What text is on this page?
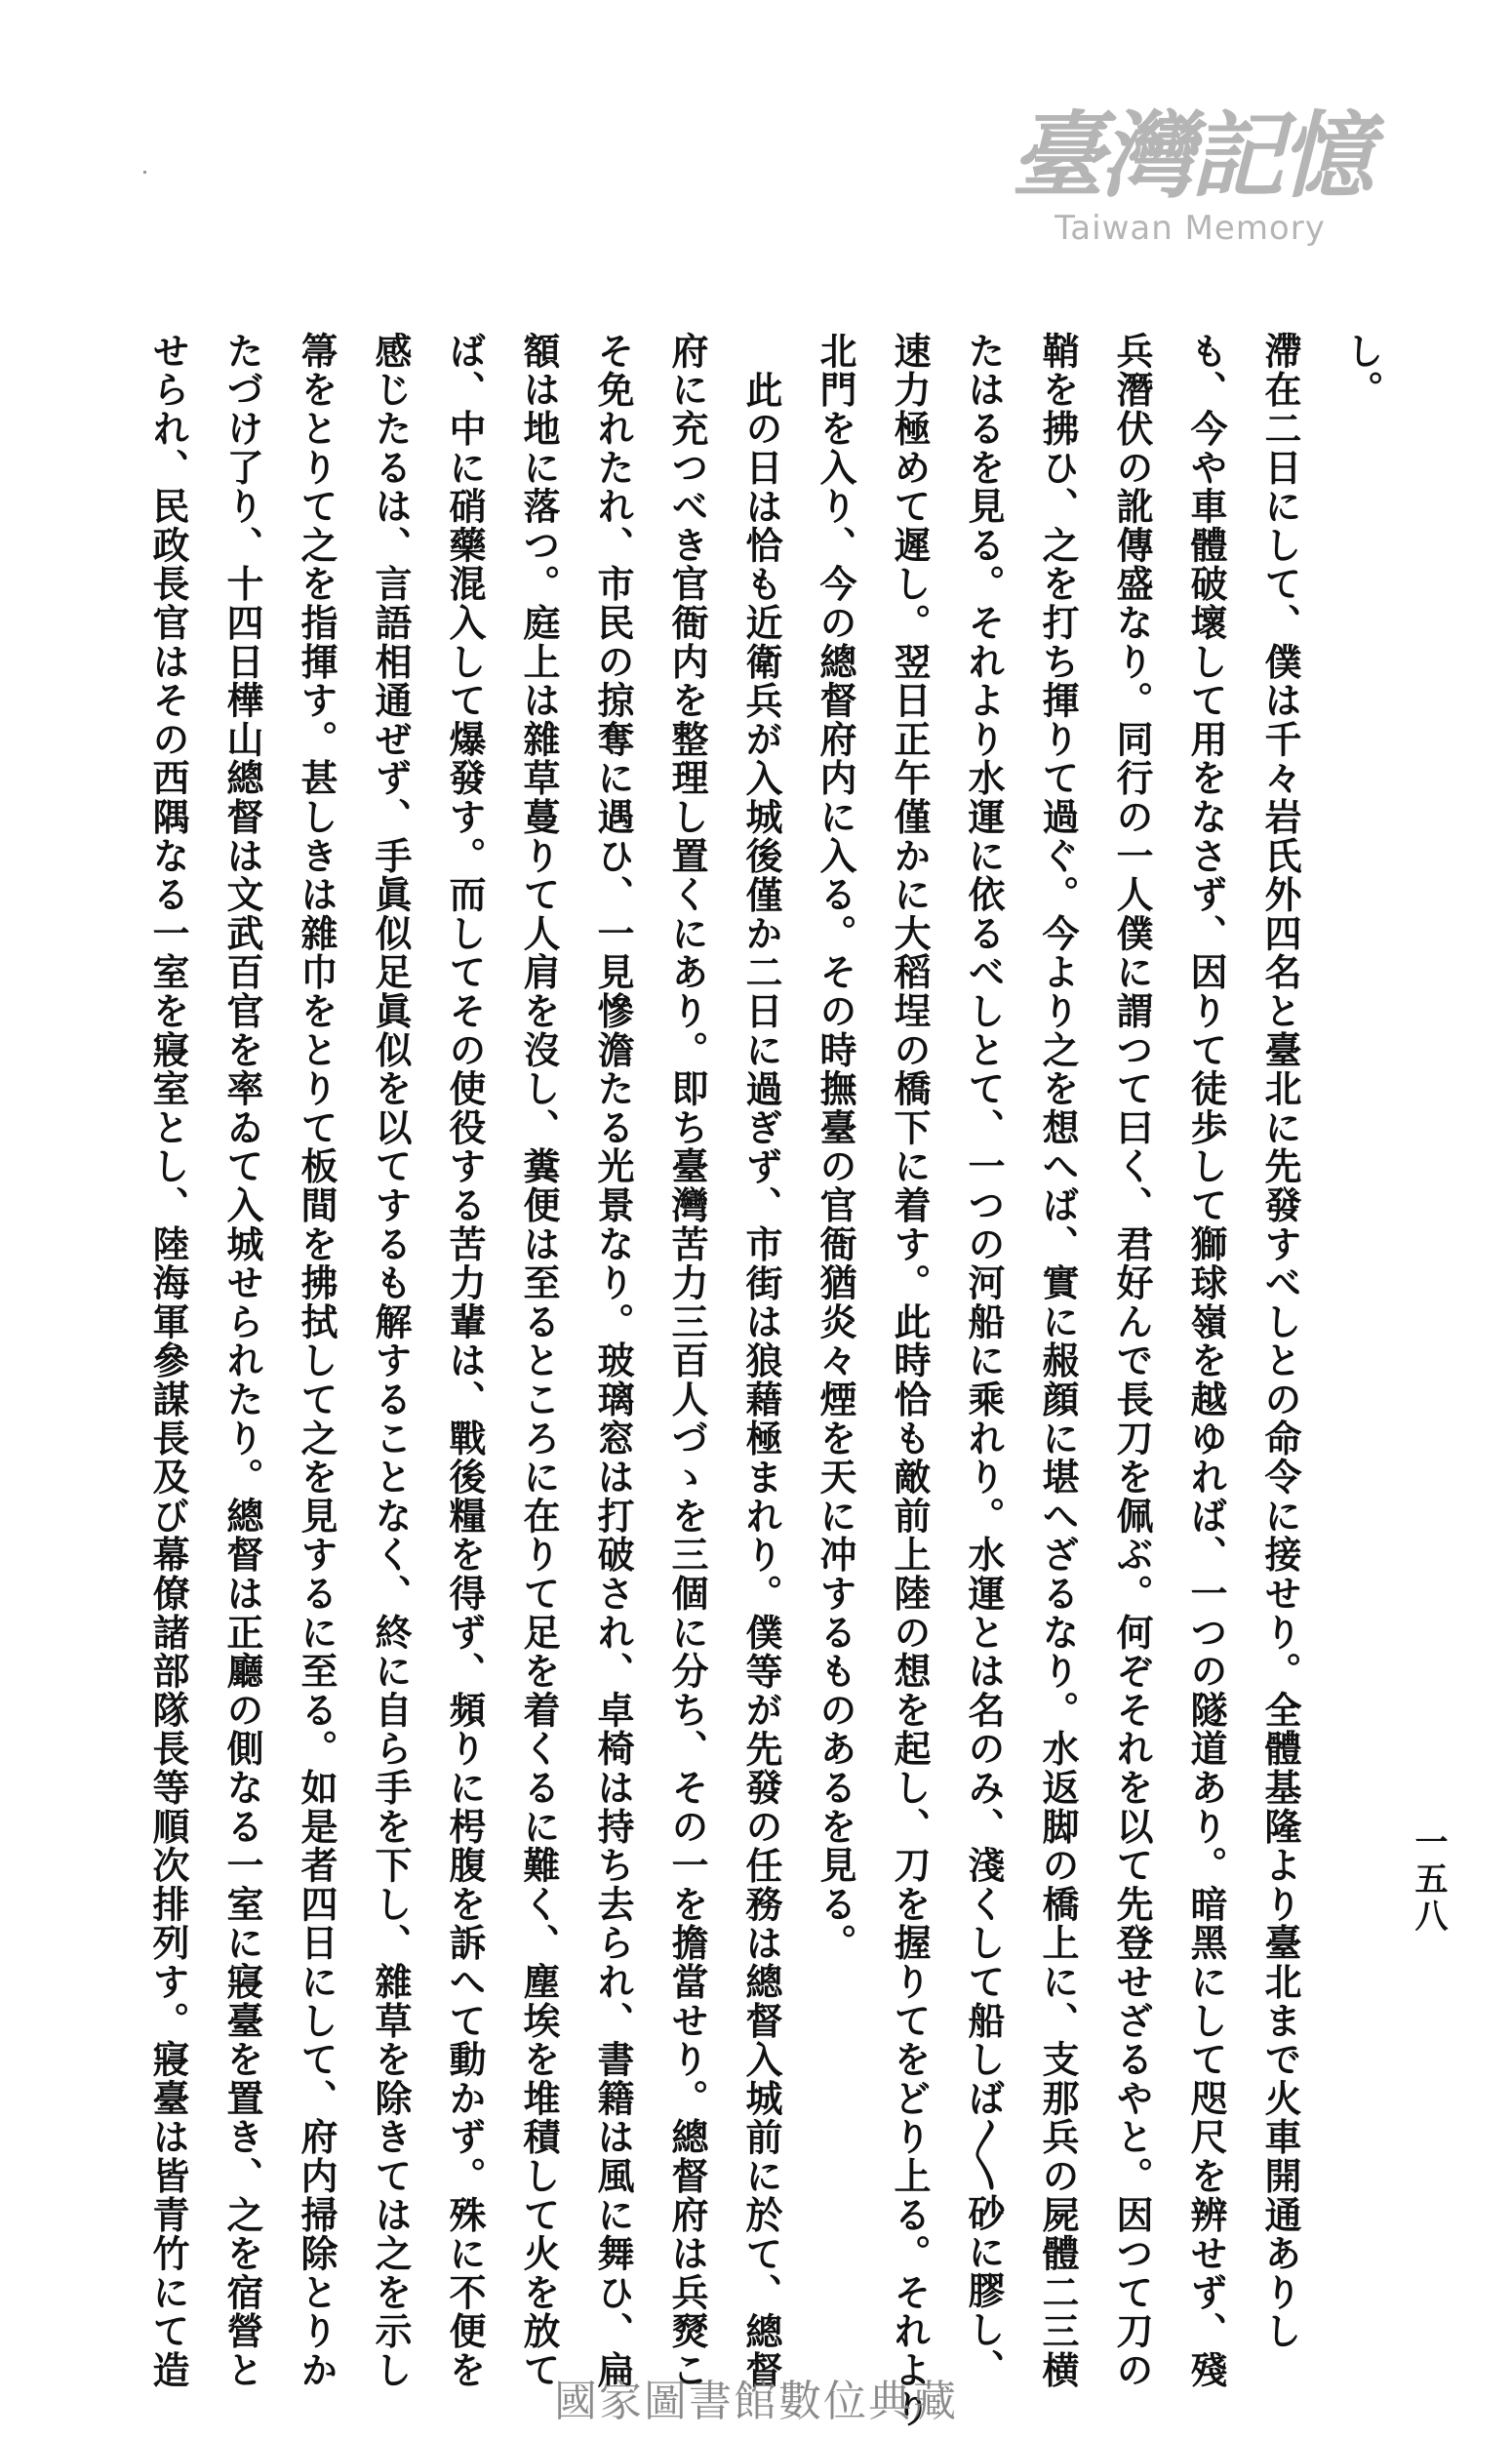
一五八
し。
滯在二日にして、僕は千々岩氏外四名と臺北に先發すべしとの命令に接せり。全體基隆より臺北まで火車開通ありし
も、今や車體破壞して用をなさず、因りて徒歩して獅球嶺を越ゆれば、一つの隧道あり。暗黑にして咫尺を辨せず、殘
兵潛伏の訛傳盛なり。同行の一人僕に謂つて曰く、君好んで長刀を佩ぶ。何ぞそれを以て先登せざるやと。因つて刀の
鞘を拂ひ、之を打ち揮りて過ぐ。今より之を想へば、實に赧顔に堪へざるなり。水返脚の橋上に、支那兵の屍體二三横
たはるを見る。それより水運に依るべしとて、一つの河船に乘れり。水運とは名のみ、淺くして船しば〱砂に膠し、
速力極めて遲し。翌日正午僅かに大稻埕の橋下に着す。此時恰も敵前上陸の想を起し、刀を握りてをどり上る。それより
北門を入り、今の總督府内に入る。その時撫臺の官衙猶炎々煙を天に冲するものあるを見る。
此の日は恰も近衛兵が入城後僅か二日に過ぎず、市街は狼藉極まれり。僕等が先發の任務は總督入城前に於て、總督
府に充つべき官衙内を整理し置くにあり。即ち臺灣苦力三百人づゝを三個に分ち、その一を擔當せり。總督府は兵燹こ
そ免れたれ、市民の掠奪に遇ひ、一見慘澹たる光景なり。玻璃窓は打破され、卓椅は持ち去られ、書籍は風に舞ひ、扁
額は地に落つ。庭上は雜草蔓りて人肩を沒し、糞便は至るところに在りて足を着くるに難く、塵埃を堆積して火を放て
ば、中に硝藥混入して爆發す。而してその使役する苦力輩は、戰後糧を得ず、頻りに枵腹を訴へて動かず。殊に不便を
感じたるは、言語相通ぜず、手眞似足眞似を以てするも解することなく、終に自ら手を下し、雜草を除きては之を示し
箒をとりて之を指揮す。甚しきは雜巾をとりて板間を拂拭して之を見するに至る。如是者四日にして、府内掃除とりか
たづけ了り、十四日樺山總督は文武百官を率ゐて入城せられたり。總督は正廳の側なる一室に寢臺を置き、之を宿營と
せられ、民政長官はその西隅なる一室を寢室とし、陸海軍參謀長及び幕僚諸部隊長等順次排列す。寢臺は皆青竹にて造
臺灣記憶
Taiwan Memory
國家圖書館數位典藏
